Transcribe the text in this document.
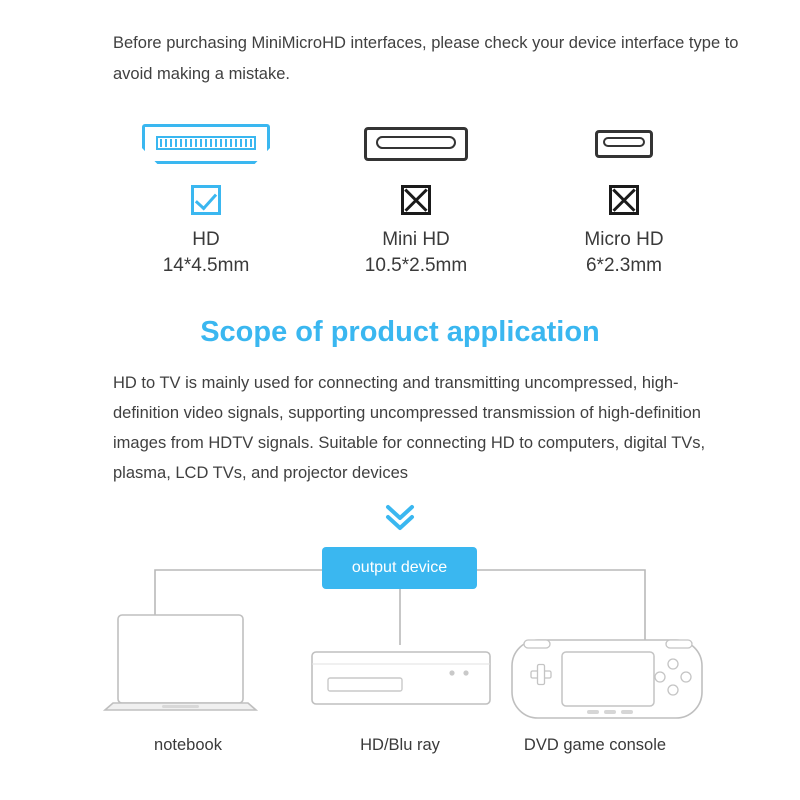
Before purchasing MiniMicroHD interfaces, please check your device interface type to avoid making a mistake.
HD
14*4.5mm
Mini HD
10.5*2.5mm
Micro HD
6*2.3mm
Scope of product application
HD to TV is mainly used for connecting and transmitting uncompressed, high-definition video signals, supporting uncompressed transmission of high-definition images from HDTV signals. Suitable for connecting HD to computers, digital TVs, plasma, LCD TVs, and projector devices
output device
notebook	HD/Blu ray	DVD game console
